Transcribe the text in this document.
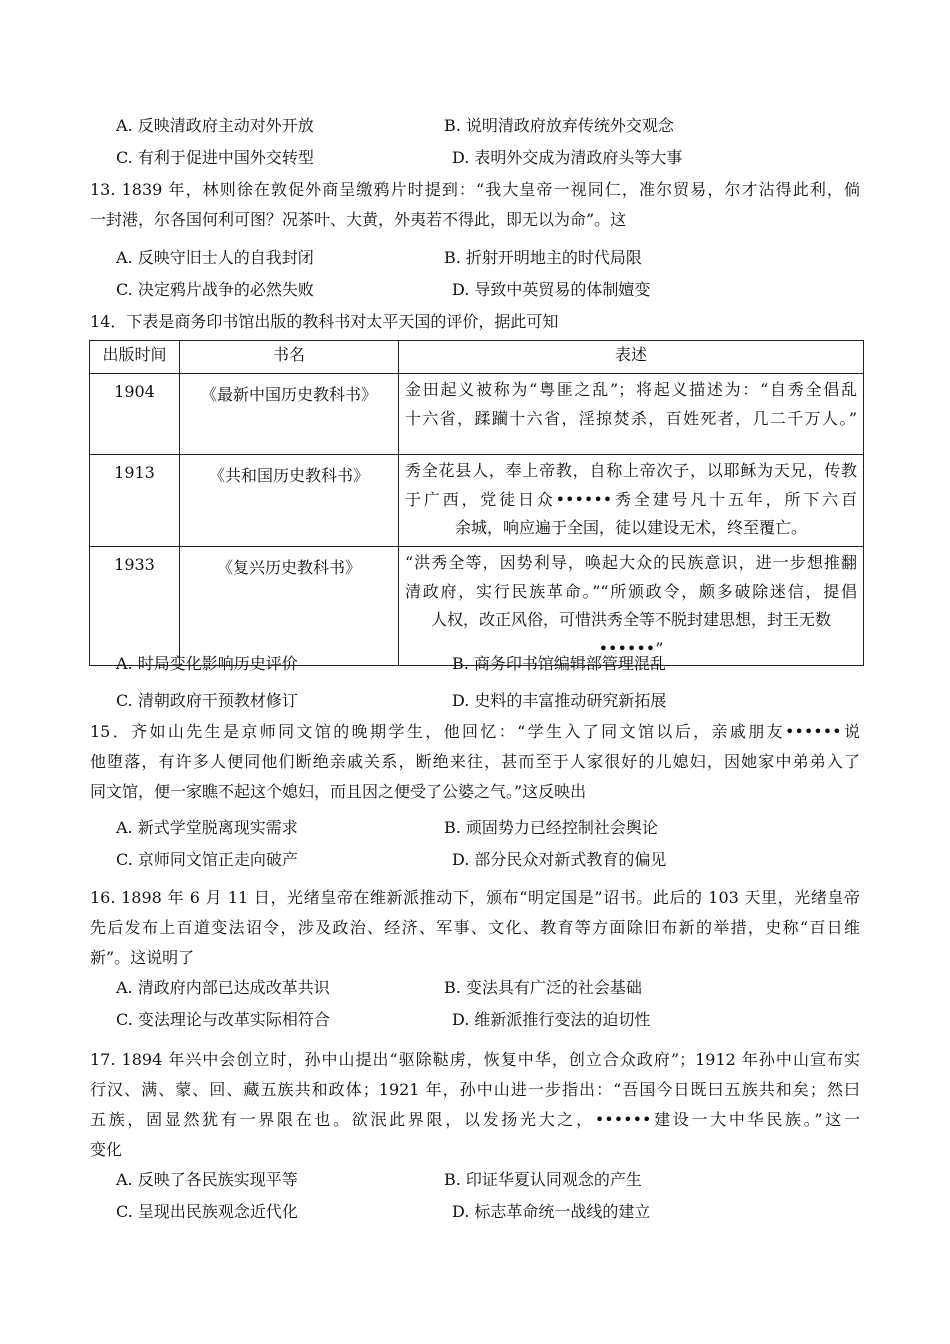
A. 反映清政府主动对外开放	B. 说明清政府放弃传统外交观念
C. 有利于促进中国外交转型	D. 表明外交成为清政府头等大事
13. 1839 年，林则徐在敦促外商呈缴鸦片时提到：“我大皇帝一视同仁，准尔贸易，尔才沾得此利，倘
一封港，尔各国何利可图？况茶叶、大黄，外夷若不得此，即无以为命”。这
A. 反映守旧士人的自我封闭	B. 折射开明地主的时代局限
C. 决定鸦片战争的必然失败	D. 导致中英贸易的体制嬗变
14．下表是商务印书馆出版的教科书对太平天国的评价，据此可知
出版时间	书名	表述
1904	《最新中国历史教科书》	金田起义被称为“粤匪之乱”；将起义描述为：“自秀全倡乱
十六省，蹂躏十六省，淫掠焚杀，百姓死者，几二千万人。”

1913	《共和国历史教科书》	秀全花县人，奉上帝教，自称上帝次子，以耶稣为天兄，传教
于广西，党徒日众••••••秀全建号凡十五年，所下六百
余城，响应遍于全国，徒以建设无术，终至覆亡。

1933	《复兴历史教科书》	“洪秀全等，因势利导，唤起大众的民族意识，进一步想推翻
清政府，实行民族革命。”“所颁政令，颇多破除迷信，提倡
人权，改正风俗，可惜洪秀全等不脱封建思想，封王无数
••••••”
A. 时局变化影响历史评价	B. 商务印书馆编辑部管理混乱
C. 清朝政府干预教材修订	D. 史料的丰富推动研究新拓展
15．齐如山先生是京师同文馆的晚期学生，他回忆：“学生入了同文馆以后，亲戚朋友••••••说
他堕落，有许多人便同他们断绝亲戚关系，断绝来往，甚而至于人家很好的儿媳妇，因她家中弟弟入了
同文馆，便一家瞧不起这个媳妇，而且因之便受了公婆之气。”这反映出
A. 新式学堂脱离现实需求	B. 顽固势力已经控制社会舆论
C. 京师同文馆正走向破产	D. 部分民众对新式教育的偏见
16. 1898 年 6 月 11 日，光绪皇帝在维新派推动下，颁布“明定国是”诏书。此后的 103 天里，光绪皇帝
先后发布上百道变法诏令，涉及政治、经济、军事、文化、教育等方面除旧布新的举措，史称“百日维
新”。这说明了
A. 清政府内部已达成改革共识	B. 变法具有广泛的社会基础
C. 变法理论与改革实际相符合	D. 维新派推行变法的迫切性
17. 1894 年兴中会创立时，孙中山提出“驱除鞑虏，恢复中华，创立合众政府”；1912 年孙中山宣布实
行汉、满、蒙、回、藏五族共和政体；1921 年，孙中山进一步指出：“吾国今日既曰五族共和矣；然曰
五族，固显然犹有一界限在也。欲泯此界限，以发扬光大之，••••••建设一大中华民族。”这一
变化
A. 反映了各民族实现平等	B. 印证华夏认同观念的产生
C. 呈现出民族观念近代化	D. 标志革命统一战线的建立
